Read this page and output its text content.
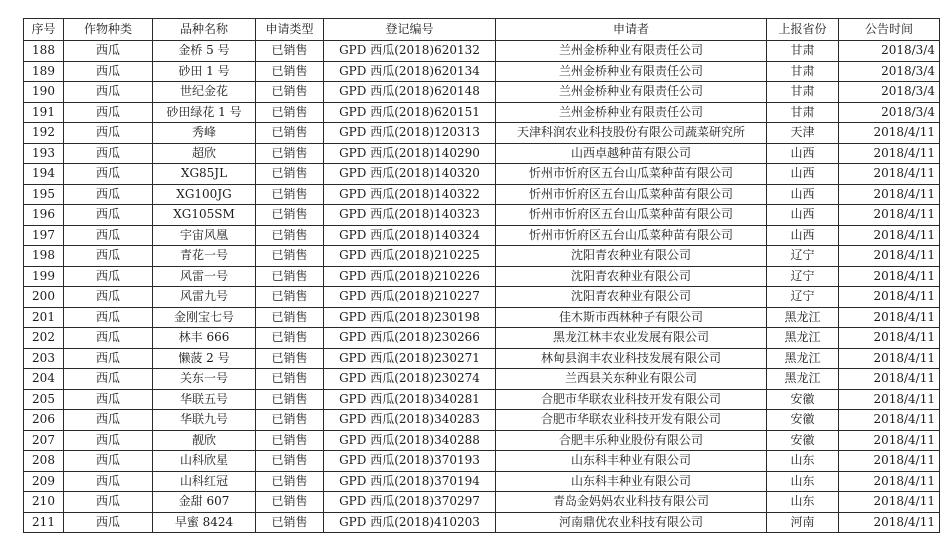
序号	作物种类	品种名称	申请类型	登记编号	申请者	上报省份	公告时间
188	西瓜	金桥 5 号	已销售	GPD 西瓜(2018)620132	兰州金桥种业有限责任公司	甘肃	2018/3/4
189	西瓜	砂田 1 号	已销售	GPD 西瓜(2018)620134	兰州金桥种业有限责任公司	甘肃	2018/3/4
190	西瓜	世纪金花	已销售	GPD 西瓜(2018)620148	兰州金桥种业有限责任公司	甘肃	2018/3/4
191	西瓜	砂田绿花 1 号	已销售	GPD 西瓜(2018)620151	兰州金桥种业有限责任公司	甘肃	2018/3/4
192	西瓜	秀峰	已销售	GPD 西瓜(2018)120313	天津科润农业科技股份有限公司蔬菜研究所	天津	2018/4/11
193	西瓜	超欣	已销售	GPD 西瓜(2018)140290	山西卓越种苗有限公司	山西	2018/4/11
194	西瓜	XG85JL	已销售	GPD 西瓜(2018)140320	忻州市忻府区五台山瓜菜种苗有限公司	山西	2018/4/11
195	西瓜	XG100JG	已销售	GPD 西瓜(2018)140322	忻州市忻府区五台山瓜菜种苗有限公司	山西	2018/4/11
196	西瓜	XG105SM	已销售	GPD 西瓜(2018)140323	忻州市忻府区五台山瓜菜种苗有限公司	山西	2018/4/11
197	西瓜	宇宙风凰	已销售	GPD 西瓜(2018)140324	忻州市忻府区五台山瓜菜种苗有限公司	山西	2018/4/11
198	西瓜	青花一号	已销售	GPD 西瓜(2018)210225	沈阳青农种业有限公司	辽宁	2018/4/11
199	西瓜	风雷一号	已销售	GPD 西瓜(2018)210226	沈阳青农种业有限公司	辽宁	2018/4/11
200	西瓜	风雷九号	已销售	GPD 西瓜(2018)210227	沈阳青农种业有限公司	辽宁	2018/4/11
201	西瓜	金刚宝七号	已销售	GPD 西瓜(2018)230198	佳木斯市西林种子有限公司	黑龙江	2018/4/11
202	西瓜	林丰 666	已销售	GPD 西瓜(2018)230266	黑龙江林丰农业发展有限公司	黑龙江	2018/4/11
203	西瓜	懒菠 2 号	已销售	GPD 西瓜(2018)230271	林甸县润丰农业科技发展有限公司	黑龙江	2018/4/11
204	西瓜	关东一号	已销售	GPD 西瓜(2018)230274	兰西县关东种业有限公司	黑龙江	2018/4/11
205	西瓜	华联五号	已销售	GPD 西瓜(2018)340281	合肥市华联农业科技开发有限公司	安徽	2018/4/11
206	西瓜	华联九号	已销售	GPD 西瓜(2018)340283	合肥市华联农业科技开发有限公司	安徽	2018/4/11
207	西瓜	靓欣	已销售	GPD 西瓜(2018)340288	合肥丰乐种业股份有限公司	安徽	2018/4/11
208	西瓜	山科欣星	已销售	GPD 西瓜(2018)370193	山东科丰种业有限公司	山东	2018/4/11
209	西瓜	山科红冠	已销售	GPD 西瓜(2018)370194	山东科丰种业有限公司	山东	2018/4/11
210	西瓜	金甜 607	已销售	GPD 西瓜(2018)370297	青岛金妈妈农业科技有限公司	山东	2018/4/11
211	西瓜	早蜜 8424	已销售	GPD 西瓜(2018)410203	河南鼎优农业科技有限公司	河南	2018/4/11
